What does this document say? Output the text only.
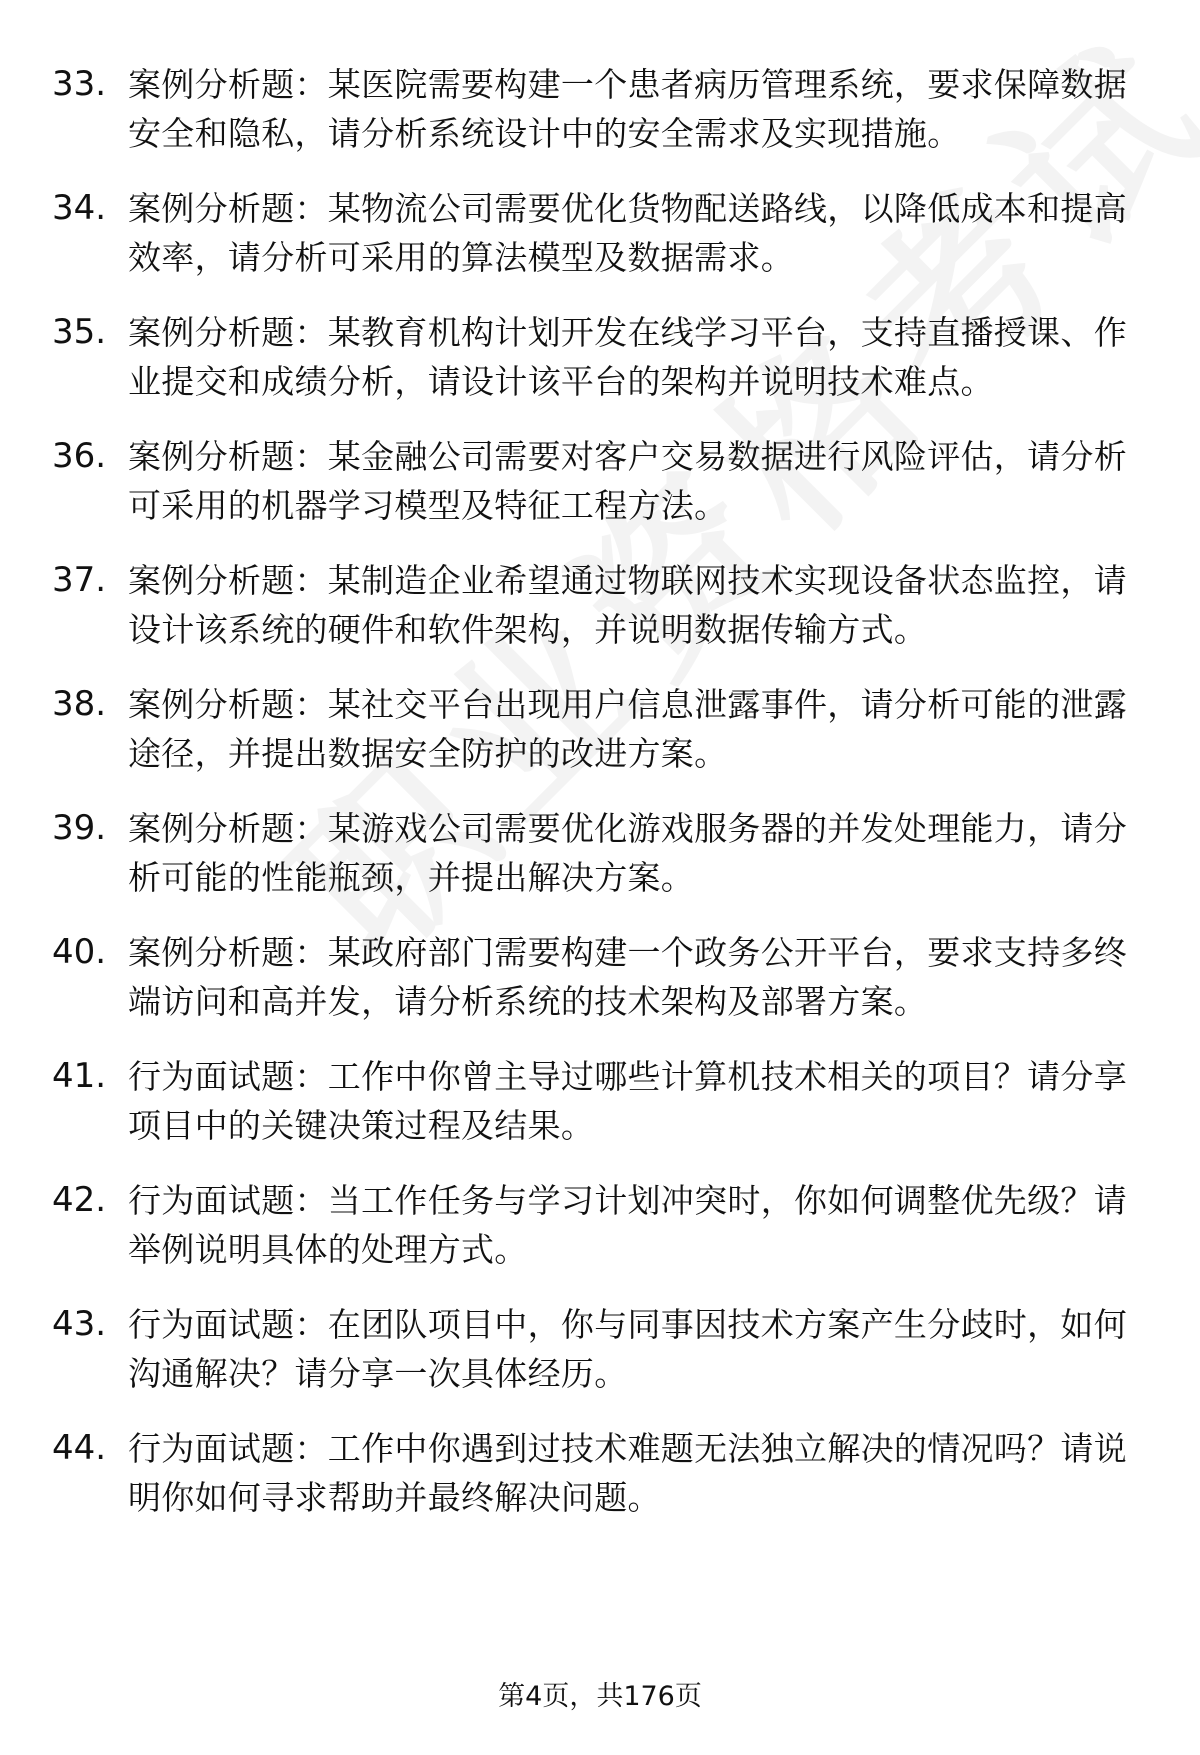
33. 案例分析题：某医院需要构建一个患者病历管理系统，要求保障数据安全和隐私，请分析系统设计中的安全需求及实现措施。
34. 案例分析题：某物流公司需要优化货物配送路线，以降低成本和提高效率，请分析可采用的算法模型及数据需求。
35. 案例分析题：某教育机构计划开发在线学习平台，支持直播授课、作业提交和成绩分析，请设计该平台的架构并说明技术难点。
36. 案例分析题：某金融公司需要对客户交易数据进行风险评估，请分析可采用的机器学习模型及特征工程方法。
37. 案例分析题：某制造企业希望通过物联网技术实现设备状态监控，请设计该系统的硬件和软件架构，并说明数据传输方式。
38. 案例分析题：某社交平台出现用户信息泄露事件，请分析可能的泄露途径，并提出数据安全防护的改进方案。
39. 案例分析题：某游戏公司需要优化游戏服务器的并发处理能力，请分析可能的性能瓶颈，并提出解决方案。
40. 案例分析题：某政府部门需要构建一个政务公开平台，要求支持多终端访问和高并发，请分析系统的技术架构及部署方案。
41. 行为面试题：工作中你曾主导过哪些计算机技术相关的项目？请分享项目中的关键决策过程及结果。
42. 行为面试题：当工作任务与学习计划冲突时，你如何调整优先级？请举例说明具体的处理方式。
43. 行为面试题：在团队项目中，你与同事因技术方案产生分歧时，如何沟通解决？请分享一次具体经历。
44. 行为面试题：工作中你遇到过技术难题无法独立解决的情况吗？请说明你如何寻求帮助并最终解决问题。
第4页，共176页
